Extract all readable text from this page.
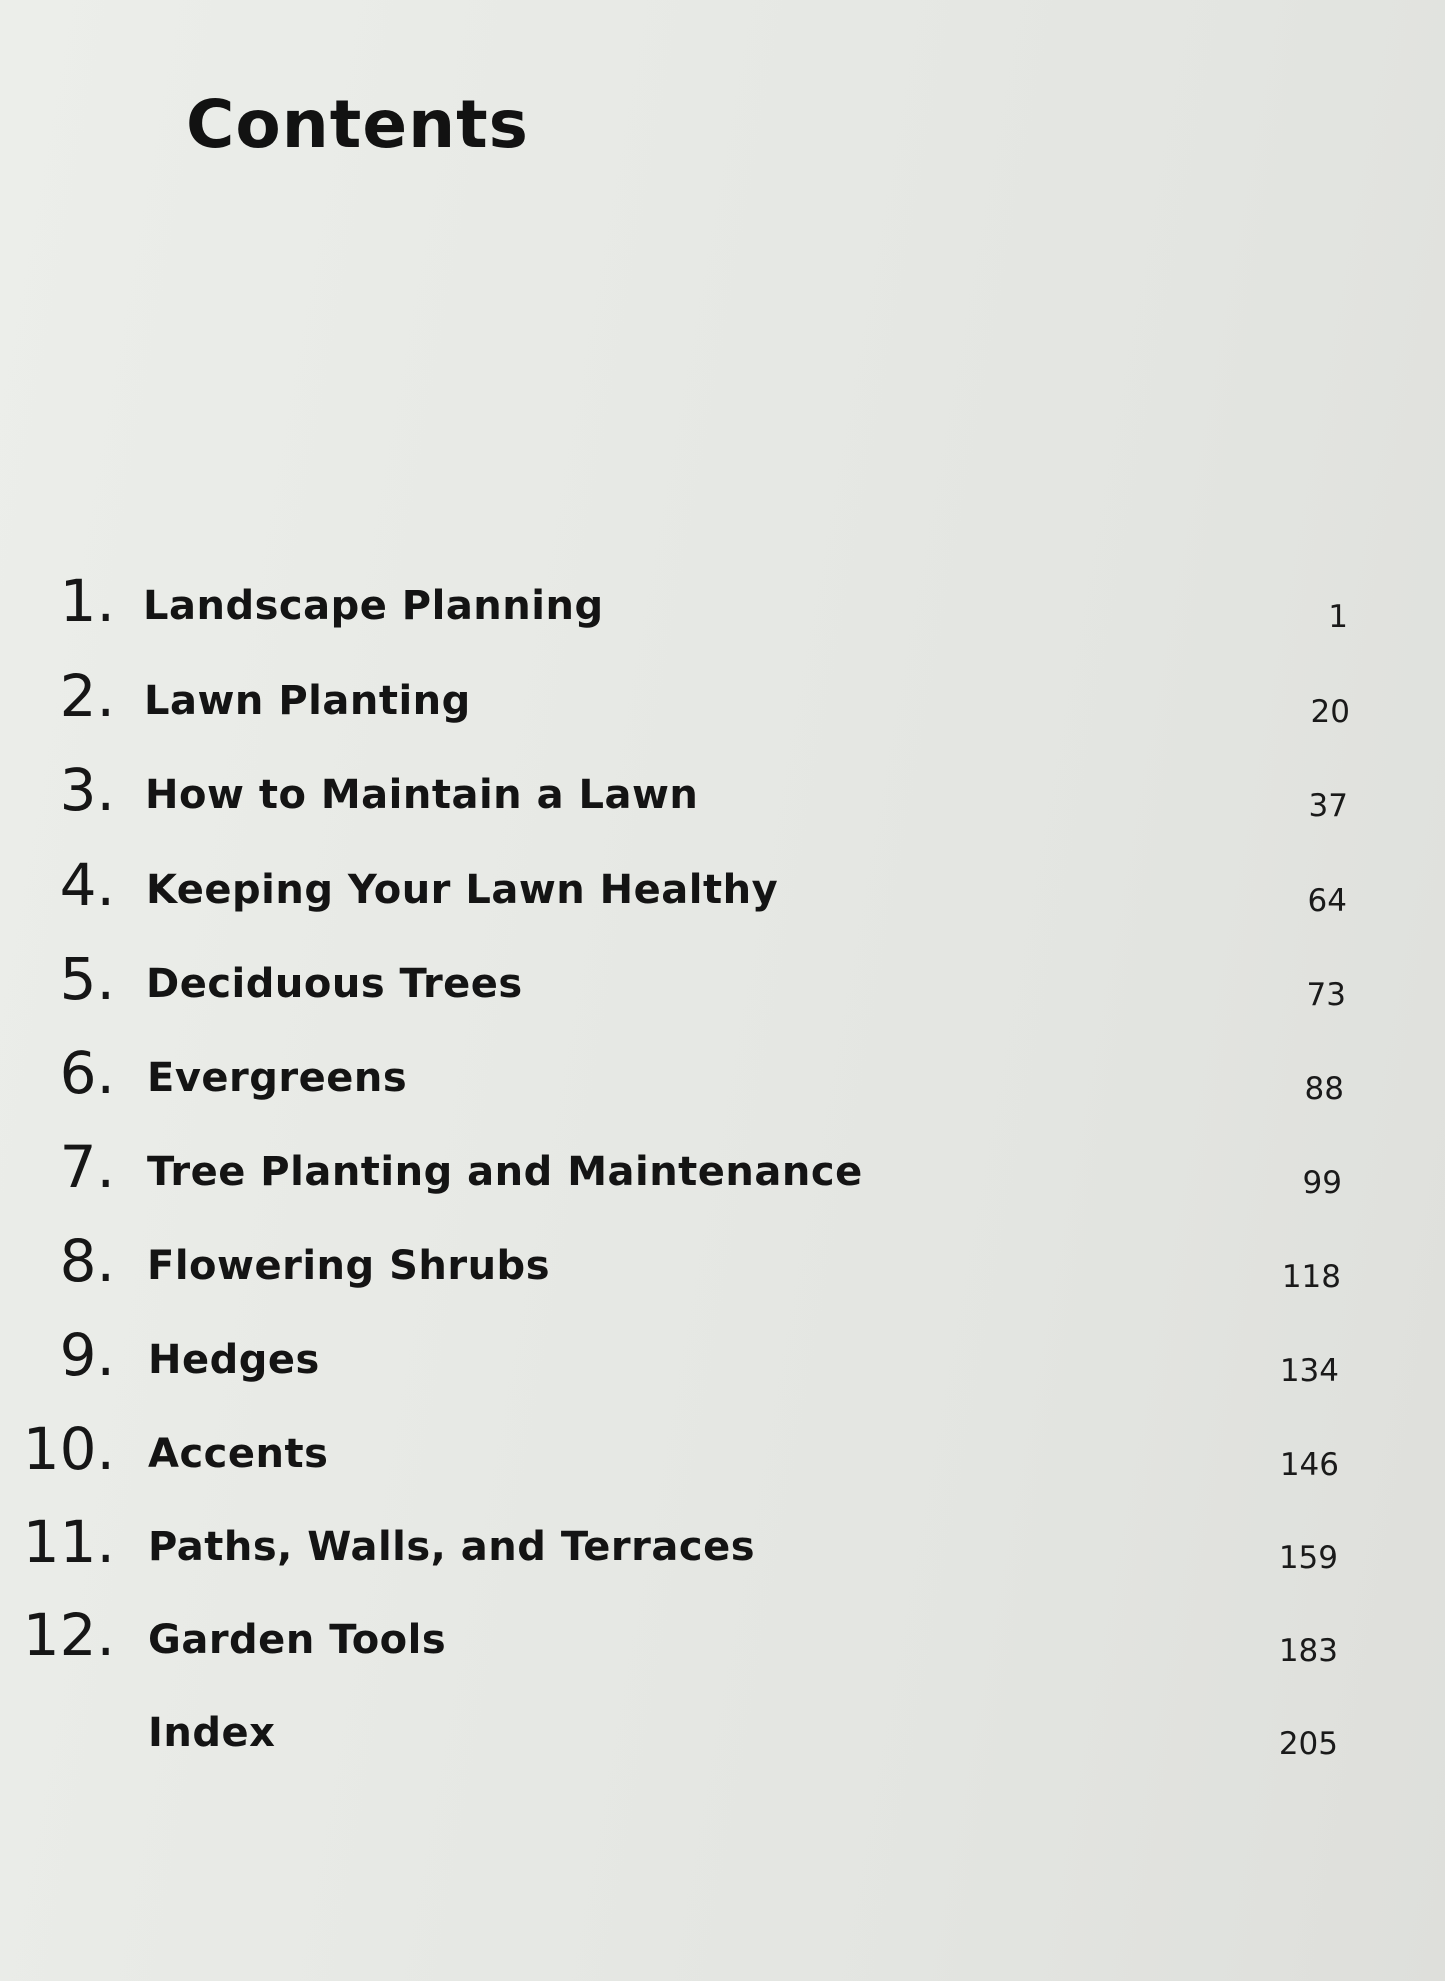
Contents
1. Landscape Planning	1
2. Lawn Planting	20
3. How to Maintain a Lawn	37
4. Keeping Your Lawn Healthy	64
5. Deciduous Trees	73
6. Evergreens	88
7. Tree Planting and Maintenance	99
8. Flowering Shrubs	118
9. Hedges	134
10. Accents	146
11. Paths, Walls, and Terraces	159
12. Garden Tools	183
Index	205
